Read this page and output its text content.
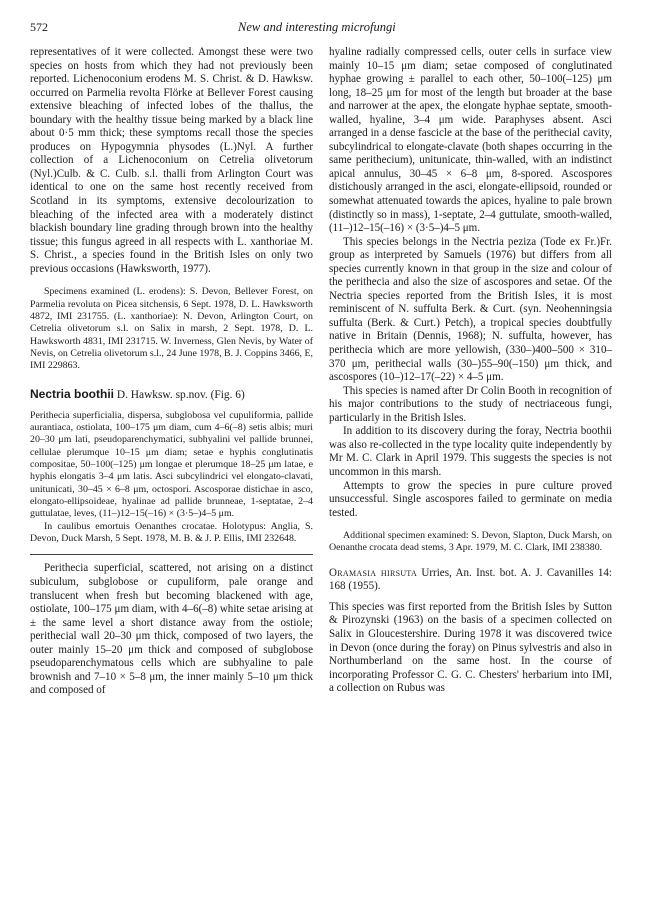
572	New and interesting microfungi

representatives of it were collected. Amongst these were two species on hosts from which they had not previously been reported. Lichenoconium erodens M. S. Christ. & D. Hawksw. occurred on Parmelia revolta Flörke at Bellever Forest causing extensive bleaching of infected lobes of the thallus, the boundary with the healthy tissue being marked by a black line about 0·5 mm thick; these symptoms recall those the species produces on Hypogymnia physodes (L.)Nyl. A further collection of a Lichenoconium on Cetrelia olivetorum (Nyl.)Culb. & C. Culb. s.l. thalli from Arlington Court was identical to one on the same host recently received from Scotland in its symptoms, extensive decolourization to bleaching of the infected area with a moderately distinct blackish boundary line grading through brown into the healthy tissue; this fungus agreed in all respects with L. xanthoriae M. S. Christ., a species found in the British Isles on only two previous occasions (Hawksworth, 1977).

Specimens examined (L. erodens): S. Devon, Bellever Forest, on Parmelia revoluta on Picea sitchensis, 6 Sept. 1978, D. L. Hawksworth 4872, IMI 231755. (L. xanthoriae): N. Devon, Arlington Court, on Cetrelia olivetorum s.l. on Salix in marsh, 2 Sept. 1978, D. L. Hawksworth 4831, IMI 231715. W. Inverness, Glen Nevis, by Water of Nevis, on Cetrelia olivetorum s.l., 24 June 1978, B. J. Coppins 3466, E, IMI 229863.

Nectria boothii D. Hawksw. sp.nov. (Fig. 6)

Perithecia superficialia, dispersa, subglobosa vel cupuliformia, pallide aurantiaca, ostiolata, 100–175 μm diam, cum 4–6(–8) setis albis; muri 20–30 μm lati, pseudoparenchymatici, subhyalini vel pallide brunnei, cellulae plerumque 10–15 μm diam; setae e hyphis conglutinatis compositae, 50–100(–125) μm longae et plerumque 18–25 μm latae, e hyphis elongatis 3–4 μm latis. Asci subcylindrici vel elongato-clavati, unitunicati, 30–45 × 6–8 μm, octospori. Ascosporae distichae in asco, elongato-ellipsoideae, hyalinae ad pallide brunneae, 1-septatae, 2–4 guttulatae, leves, (11–)12–15(–16) × (3·5–)4–5 μm.

In caulibus emortuis Oenanthes crocatae. Holotypus: Anglia, S. Devon, Duck Marsh, 5 Sept. 1978, M. B. & J. P. Ellis, IMI 232648.

Perithecia superficial, scattered, not arising on a distinct subiculum, subglobose or cupuliform, pale orange and translucent when fresh but becoming blackened with age, ostiolate, 100–175 μm diam, with 4–6(–8) white setae arising at ± the same level a short distance away from the ostiole; perithecial wall 20–30 μm thick, composed of two layers, the outer mainly 15–20 μm thick and composed of subglobose pseudoparenchymatous cells which are subhyaline to pale brownish and 7–10 × 5–8 μm, the inner mainly 5–10 μm thick and composed of

hyaline radially compressed cells, outer cells in surface view mainly 10–15 μm diam; setae composed of conglutinated hyphae growing ± parallel to each other, 50–100(–125) μm long, 18–25 μm for most of the length but broader at the base and narrower at the apex, the elongate hyphae septate, smooth-walled, hyaline, 3–4 μm wide. Paraphyses absent. Asci arranged in a dense fascicle at the base of the perithecial cavity, subcylindrical to elongate-clavate (both shapes occurring in the same perithecium), unitunicate, thin-walled, with an indistinct apical annulus, 30–45 × 6–8 μm, 8-spored. Ascospores distichously arranged in the asci, elongate-ellipsoid, rounded or somewhat attenuated towards the apices, hyaline to pale brown (distinctly so in mass), 1-septate, 2–4 guttulate, smooth-walled, (11–)12–15(–16) × (3·5–)4–5 μm.

This species belongs in the Nectria peziza (Tode ex Fr.)Fr. group as interpreted by Samuels (1976) but differs from all species currently known in that group in the size and colour of the perithecia and also the size of ascospores and setae. Of the Nectria species reported from the British Isles, it is most reminiscent of N. suffulta Berk. & Curt. (syn. Neohenningsia suffulta (Berk. & Curt.) Petch), a tropical species doubtfully native in Britain (Dennis, 1968); N. suffulta, however, has perithecia which are more yellowish, (330–)400–500 × 310–370 μm, perithecial walls (30–)55–90(–150) μm thick, and ascospores (10–)12–17(–22) × 4–5 μm.

This species is named after Dr Colin Booth in recognition of his major contributions to the study of nectriaceous fungi, particularly in the British Isles.

In addition to its discovery during the foray, Nectria boothii was also re-collected in the type locality quite independently by Mr M. C. Clark in April 1979. This suggests the species is not uncommon in this marsh.

Attempts to grow the species in pure culture proved unsuccessful. Single ascospores failed to germinate on media tested.

Additional specimen examined: S. Devon, Slapton, Duck Marsh, on Oenanthe crocata dead stems, 3 Apr. 1979, M. C. Clark, IMI 238380.

Oramasia hirsuta Urries, An. Inst. bot. A. J. Cavanilles 14: 168 (1955).

This species was first reported from the British Isles by Sutton & Pirozynski (1963) on the basis of a specimen collected on Salix in Gloucestershire. During 1978 it was discovered twice in Devon (once during the foray) on Pinus sylvestris and also in Northumberland on the same host. In the course of incorporating Professor C. G. C. Chesters' herbarium into IMI, a collection on Rubus was
